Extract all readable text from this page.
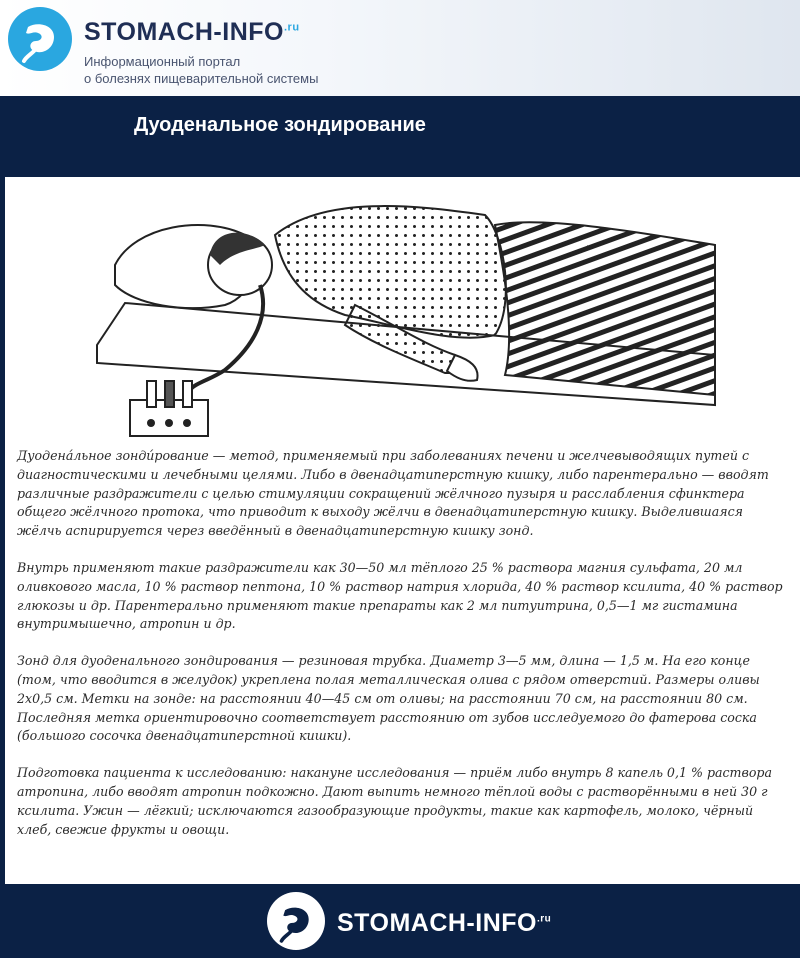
STOMACH-$INFO^{.ru}$
Информационный портал
о болезнях пищеварительной системы
Дуоденальное зондирование

Дуодена́льное зонди́рование — метод, применяемый при заболеваниях печени и желчевыводящих путей с диагностическими и лечебными целями. Либо в двенадцатиперстную кишку, либо парентерально — вводят различные раздражители с целью стимуляции сокращений жёлчного пузыря и расслабления сфинктера общего жёлчного протока, что приводит к выходу жёлчи в двенадцатиперстную кишку. Выделившаяся жёлчь аспирируется через введённый в двенадцатиперстную кишку зонд.

Внутрь применяют такие раздражители как 30—50 мл тёплого 25 % раствора магния сульфата, 20 мл оливкового масла, 10 % раствор пептона, 10 % раствор натрия хлорида, 40 % раствор ксилита, 40 % раствор глюкозы и др. Парентерально применяют такие препараты как 2 мл питуитрина, 0,5—1 мг гистамина внутримышечно, атропин и др.

Зонд для дуоденального зондирования — резиновая трубка. Диаметр 3—5 мм, длина — 1,5 м. На его конце (том, что вводится в желудок) укреплена полая металлическая олива с рядом отверстий. Размеры оливы 2x0,5 см. Метки на зонде: на расстоянии 40—45 см от оливы; на расстоянии 70 см, на расстоянии 80 см. Последняя метка ориентировочно соответствует расстоянию от зубов исследуемого до фатерова соска (большого сосочка двенадцатиперстной кишки).

Подготовка пациента к исследованию: накануне исследования — приём либо внутрь 8 капель 0,1 % раствора атропина, либо вводят атропин подкожно. Дают выпить немного тёплой воды с растворёнными в ней 30 г ксилита. Ужин — лёгкий; исключаются газообразующие продукты, такие как картофель, молоко, чёрный хлеб, свежие фрукты и овощи.

STOMACH-$INFO^{.ru}$
